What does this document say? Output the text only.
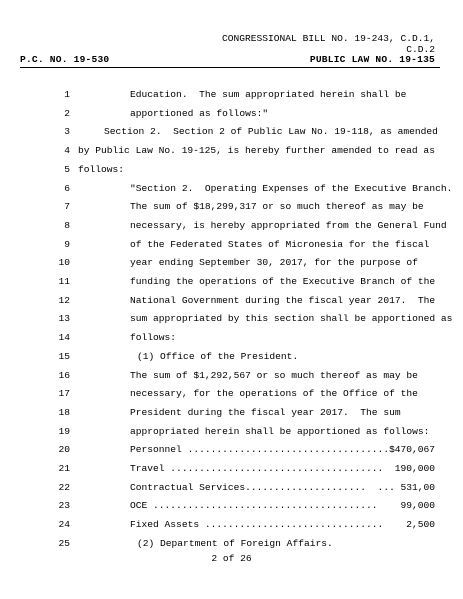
CONGRESSIONAL BILL NO. 19-243, C.D.1,
C.D.2
P.C. NO. 19-530	PUBLIC LAW NO. 19-135
1	Education.  The sum appropriated herein shall be
2	apportioned as follows:"
3	Section 2.  Section 2 of Public Law No. 19-118, as amended
4 by Public Law No. 19-125, is hereby further amended to read as
5 follows:
6	"Section 2.  Operating Expenses of the Executive Branch.
7	The sum of $18,299,317 or so much thereof as may be
8	necessary, is hereby appropriated from the General Fund
9	of the Federated States of Micronesia for the fiscal
10	year ending September 30, 2017, for the purpose of
11	funding the operations of the Executive Branch of the
12	National Government during the fiscal year 2017.  The
13	sum appropriated by this section shall be apportioned as
14	follows:
15	(1) Office of the President.
16	The sum of $1,292,567 or so much thereof as may be
17	necessary, for the operations of the Office of the
18	President during the fiscal year 2017.  The sum
19	appropriated herein shall be apportioned as follows:
20	Personnel ...................................$ 470,067
21	Travel ..................................... 190,000
22	Contractual Services.....................  ... 531,00
23	OCE ....................................... 99,000
24	Fixed Assets ............................... 2,500
25	(2) Department of Foreign Affairs.
2 of 26
